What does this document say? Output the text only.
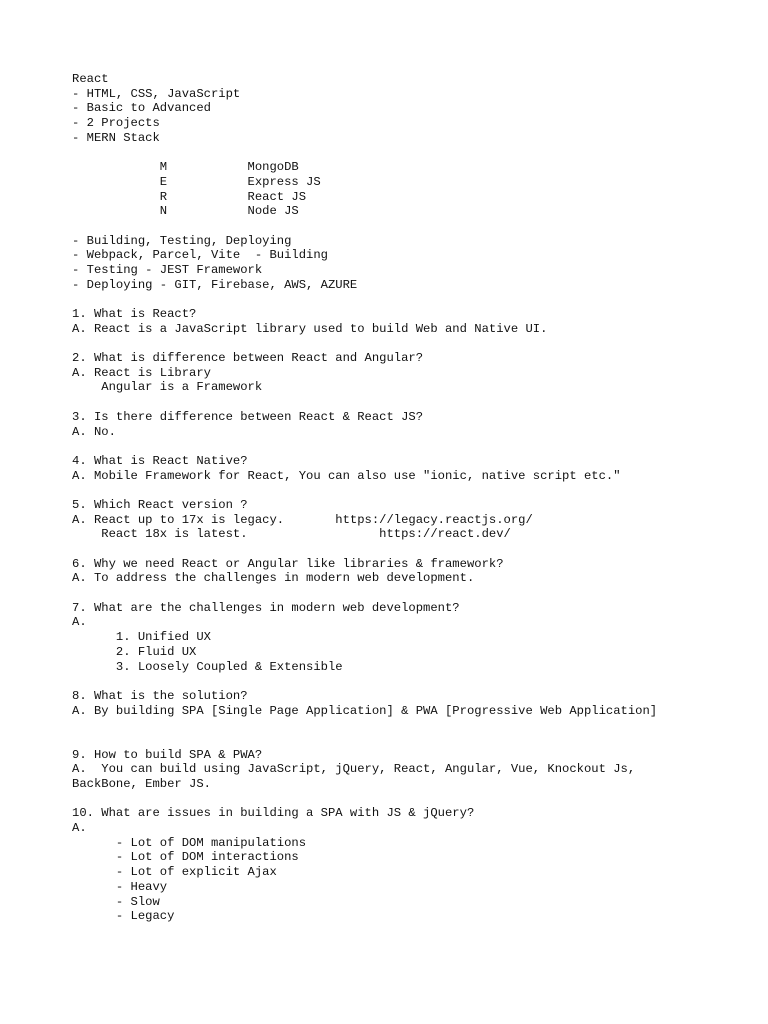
React
- HTML, CSS, JavaScript
- Basic to Advanced
- 2 Projects
- MERN Stack
M           MongoDB
E           Express JS
R           React JS
N           Node JS
- Building, Testing, Deploying
- Webpack, Parcel, Vite  - Building
- Testing - JEST Framework
- Deploying - GIT, Firebase, AWS, AZURE
1. What is React?
A. React is a JavaScript library used to build Web and Native UI.
2. What is difference between React and Angular?
A. React is Library
Angular is a Framework
3. Is there difference between React & React JS?
A. No.
4. What is React Native?
A. Mobile Framework for React, You can also use "ionic, native script etc."
5. Which React version ?
A. React up to 17x is legacy.       https://legacy.reactjs.org/
React 18x is latest.                  https://react.dev/
6. Why we need React or Angular like libraries & framework?
A. To address the challenges in modern web development.
7. What are the challenges in modern web development?
A.
1. Unified UX
2. Fluid UX
3. Loosely Coupled & Extensible
8. What is the solution?
A. By building SPA [Single Page Application] & PWA [Progressive Web Application]
9. How to build SPA & PWA?
A.  You can build using JavaScript, jQuery, React, Angular, Vue, Knockout Js,
BackBone, Ember JS.
10. What are issues in building a SPA with JS & jQuery?
A.
- Lot of DOM manipulations
- Lot of DOM interactions
- Lot of explicit Ajax
- Heavy
- Slow
- Legacy
